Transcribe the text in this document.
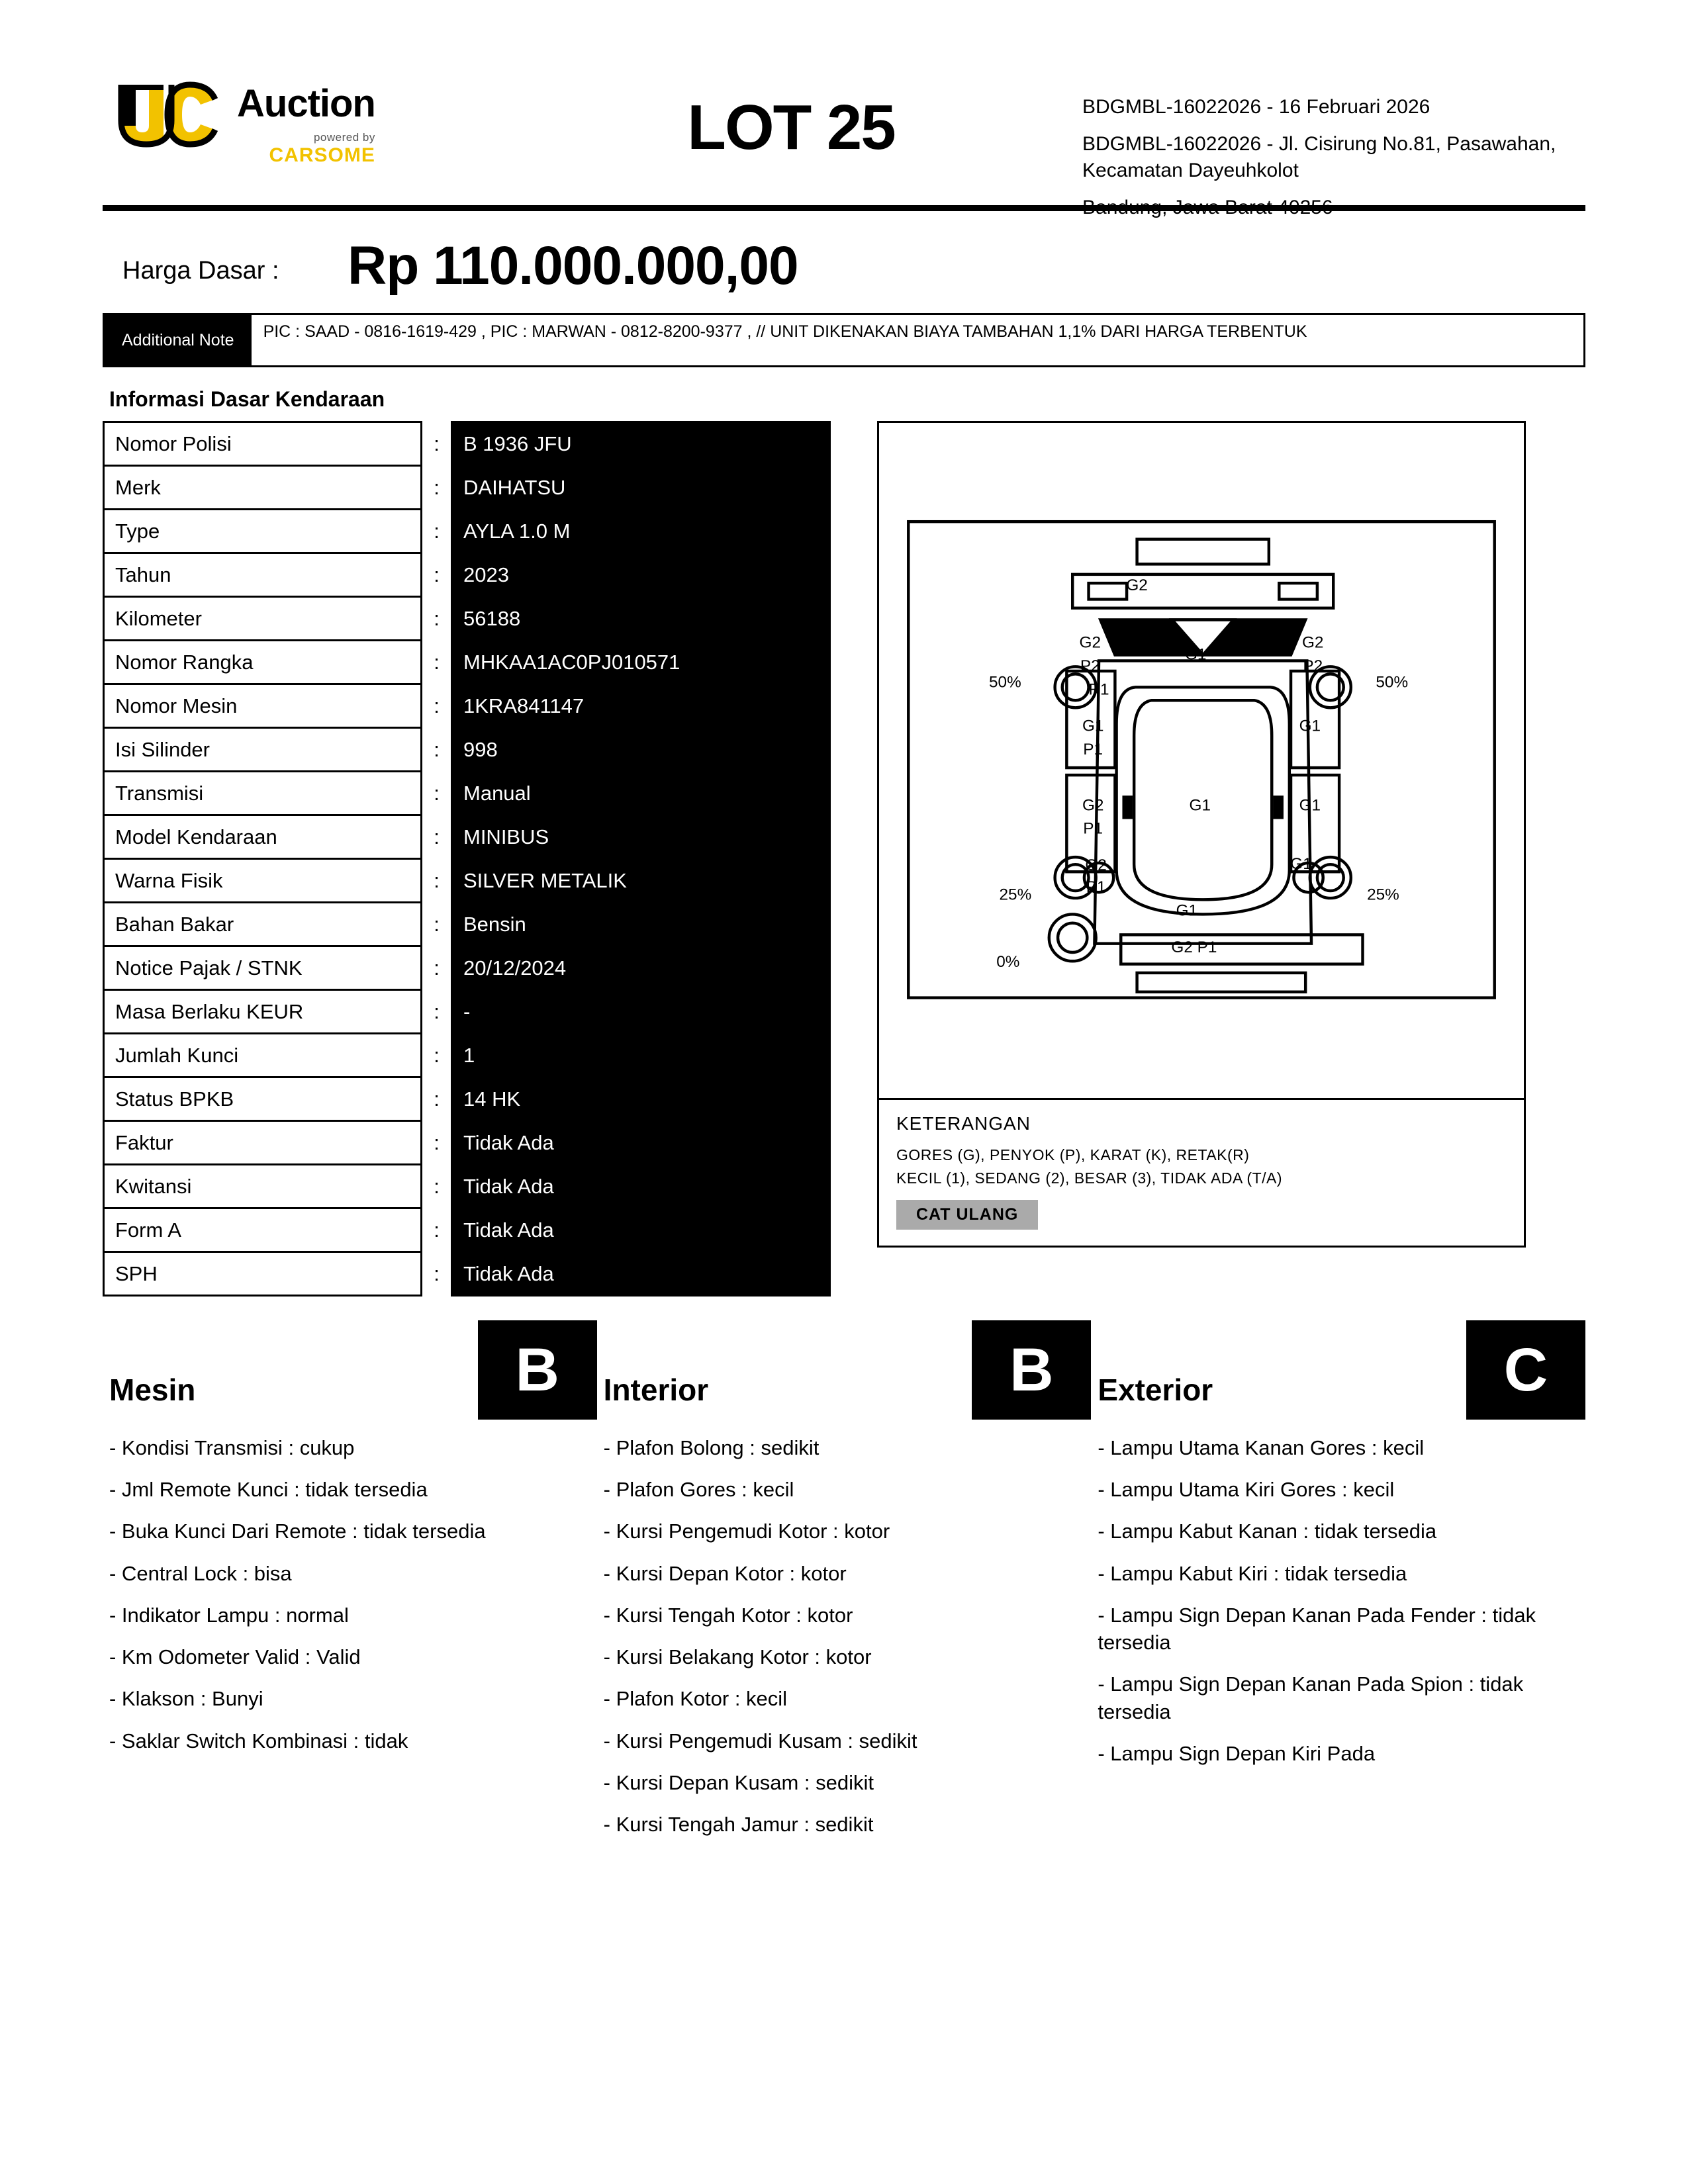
Auction
powered by
CARSOME	LOT 25	BDGMBL-16022026 - 16 Februari 2026
BDGMBL-16022026 - Jl. Cisirung No.81, Pasawahan, Kecamatan Dayeuhkolot
Bandung, Jawa Barat 40256
Harga Dasar : Rp 110.000.000,00
Additional Note	PIC : SAAD - 0816-1619-429 , PIC : MARWAN - 0812-8200-9377 , // UNIT DIKENAKAN BIAYA TAMBAHAN 1,1% DARI HARGA TERBENTUK
Informasi Dasar Kendaraan
Nomor Polisi	:	B 1936 JFU
Merk	:	DAIHATSU
Type	:	AYLA 1.0 M
Tahun	:	2023
Kilometer	:	56188
Nomor Rangka	:	MHKAA1AC0PJ010571
Nomor Mesin	:	1KRA841147
Isi Silinder	:	998
Transmisi	:	Manual
Model Kendaraan	:	MINIBUS
Warna Fisik	:	SILVER METALIK
Bahan Bakar	:	Bensin
Notice Pajak / STNK	:	20/12/2024
Masa Berlaku KEUR	:	-
Jumlah Kunci	:	1
Status BPKB	:	14 HK
Faktur	:	Tidak Ada
Kwitansi	:	Tidak Ada
Form A	:	Tidak Ada
SPH	:	Tidak Ada
G2
G2
P2
G1
G2
P2
50%	50%
R1
G1
P1
G1
G1
G2
P1
G1
G2
P1
G1
25%	25%
G1
0%
G2 P1
KETERANGAN
GORES (G), PENYOK (P), KARAT (K), RETAK(R)
KECIL (1), SEDANG (2), BESAR (3), TIDAK ADA (T/A)
CAT ULANG
Mesin	B	Interior	B	Exterior	C
- Kondisi Transmisi : cukup
- Jml Remote Kunci : tidak tersedia
- Buka Kunci Dari Remote : tidak tersedia
- Central Lock : bisa
- Indikator Lampu : normal
- Km Odometer Valid : Valid
- Klakson : Bunyi
- Saklar Switch Kombinasi : tidak
- Plafon Bolong : sedikit
- Plafon Gores : kecil
- Kursi Pengemudi Kotor : kotor
- Kursi Depan Kotor : kotor
- Kursi Tengah Kotor : kotor
- Kursi Belakang Kotor : kotor
- Plafon Kotor : kecil
- Kursi Pengemudi Kusam : sedikit
- Kursi Depan Kusam : sedikit
- Kursi Tengah Jamur : sedikit
- Lampu Utama Kanan Gores : kecil
- Lampu Utama Kiri Gores : kecil
- Lampu Kabut Kanan : tidak tersedia
- Lampu Kabut Kiri : tidak tersedia
- Lampu Sign Depan Kanan Pada Fender : tidak tersedia
- Lampu Sign Depan Kanan Pada Spion : tidak tersedia
- Lampu Sign Depan Kiri Pada
